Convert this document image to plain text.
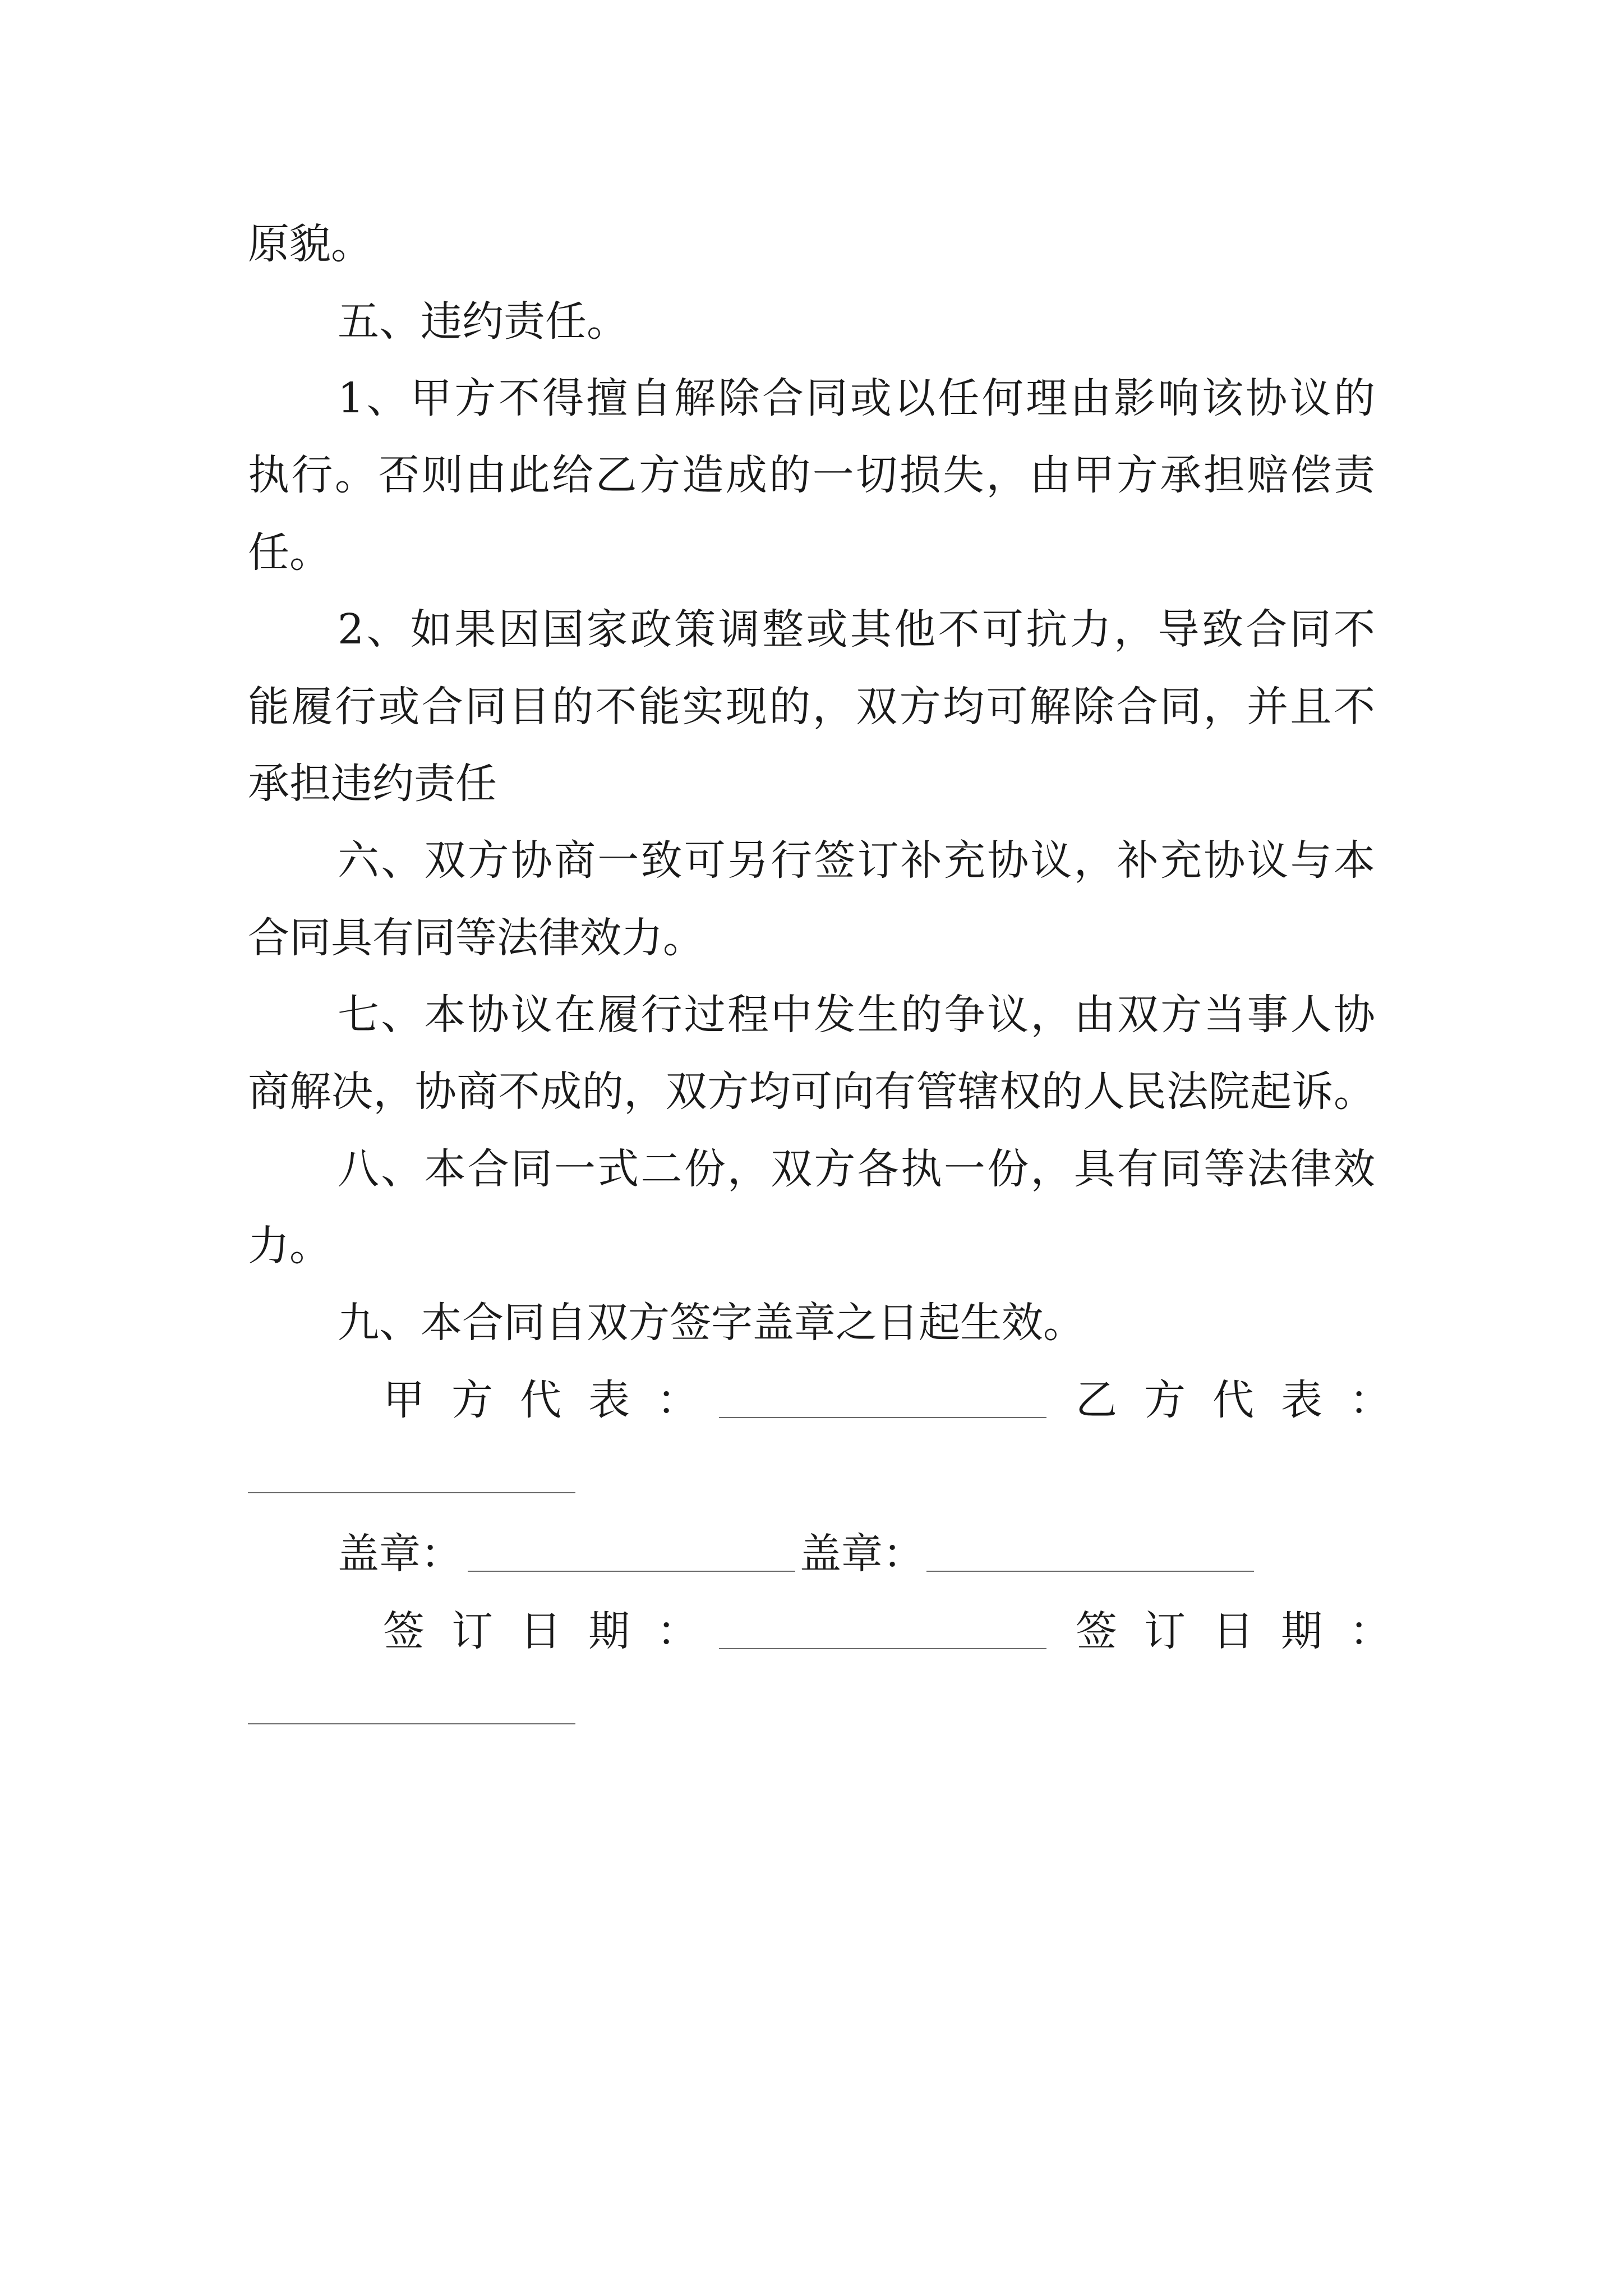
原貌。
五、违约责任。
1、甲方不得擅自解除合同或以任何理由影响该协议的
执行。否则由此给乙方造成的一切损失，由甲方承担赔偿责
任。
2、如果因国家政策调整或其他不可抗力，导致合同不
能履行或合同目的不能实现的，双方均可解除合同，并且不
承担违约责任
六、双方协商一致可另行签订补充协议，补充协议与本
合同具有同等法律效力。
七、本协议在履行过程中发生的争议，由双方当事人协
商解决，协商不成的，双方均可向有管辖权的人民法院起诉。
八、本合同一式二份，双方各执一份，具有同等法律效
力。
九、本合同自双方签字盖章之日起生效。
甲方代表：	乙方代表：
盖章：	盖章：
签订日期：	签订日期：
